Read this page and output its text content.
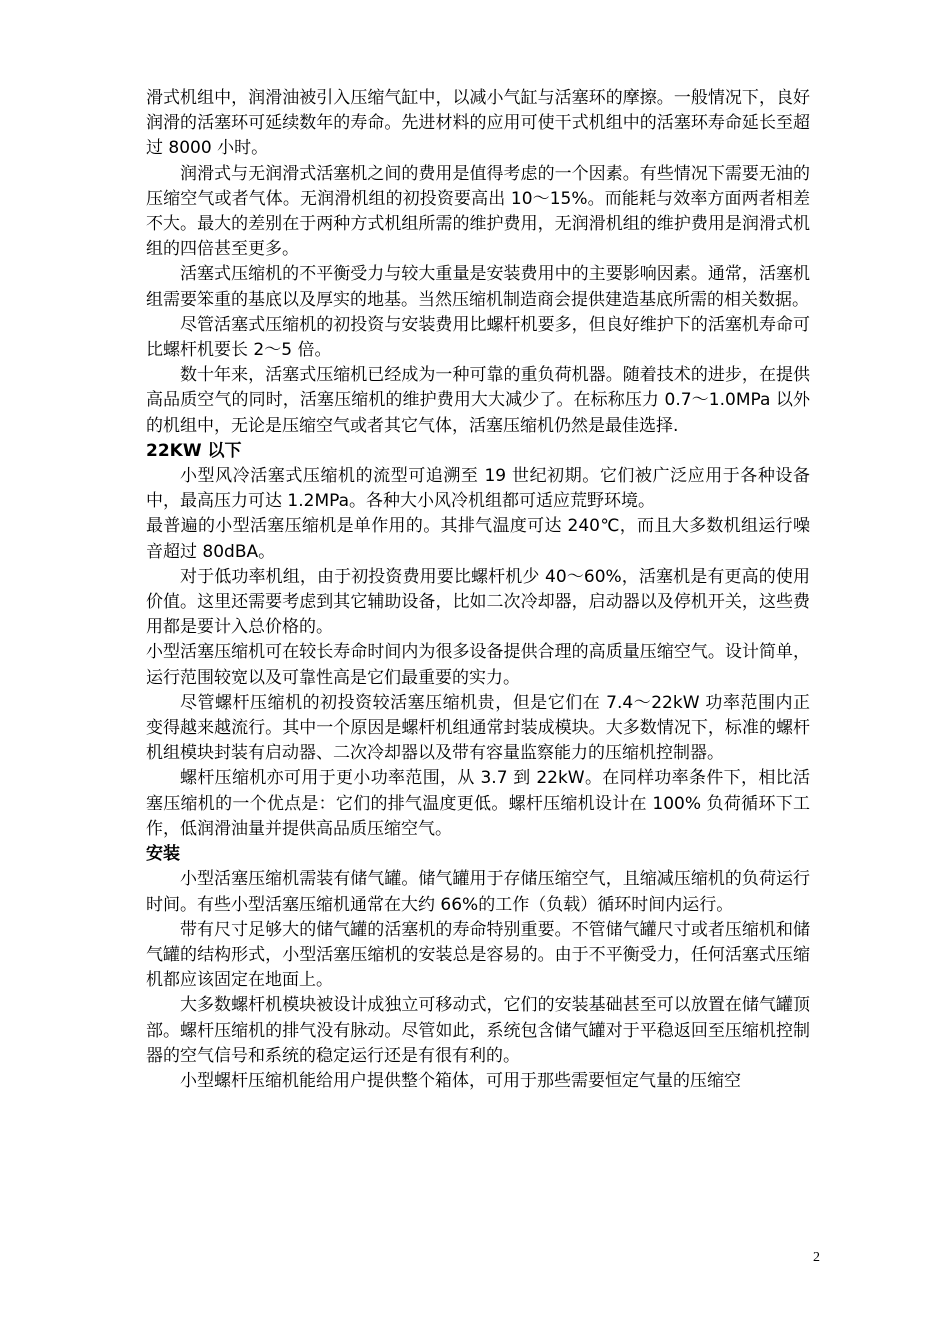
滑式机组中，润滑油被引入压缩气缸中，以减小气缸与活塞环的摩擦。一般情况下，良好润滑的活塞环可延续数年的寿命。先进材料的应用可使干式机组中的活塞环寿命延长至超过 8000 小时。

润滑式与无润滑式活塞机之间的费用是值得考虑的一个因素。有些情况下需要无油的压缩空气或者气体。无润滑机组的初投资要高出 10～15%。而能耗与效率方面两者相差不大。最大的差别在于两种方式机组所需的维护费用，无润滑机组的维护费用是润滑式机组的四倍甚至更多。

活塞式压缩机的不平衡受力与较大重量是安装费用中的主要影响因素。通常，活塞机组需要笨重的基底以及厚实的地基。当然压缩机制造商会提供建造基底所需的相关数据。

尽管活塞式压缩机的初投资与安装费用比螺杆机要多，但良好维护下的活塞机寿命可比螺杆机要长 2～5 倍。

数十年来，活塞式压缩机已经成为一种可靠的重负荷机器。随着技术的进步，在提供高品质空气的同时，活塞压缩机的维护费用大大减少了。在标称压力 0.7～1.0MPa 以外的机组中，无论是压缩空气或者其它气体，活塞压缩机仍然是最佳选择.

22KW 以下

小型风冷活塞式压缩机的流型可追溯至 19 世纪初期。它们被广泛应用于各种设备中，最高压力可达 1.2MPa。各种大小风冷机组都可适应荒野环境。

最普遍的小型活塞压缩机是单作用的。其排气温度可达 240℃，而且大多数机组运行噪音超过 80dBA。

对于低功率机组，由于初投资费用要比螺杆机少 40～60%，活塞机是有更高的使用价值。这里还需要考虑到其它辅助设备，比如二次冷却器，启动器以及停机开关，这些费用都是要计入总价格的。

小型活塞压缩机可在较长寿命时间内为很多设备提供合理的高质量压缩空气。设计简单，运行范围较宽以及可靠性高是它们最重要的实力。

尽管螺杆压缩机的初投资较活塞压缩机贵，但是它们在 7.4～22kW 功率范围内正变得越来越流行。其中一个原因是螺杆机组通常封装成模块。大多数情况下，标准的螺杆机组模块封装有启动器、二次冷却器以及带有容量监察能力的压缩机控制器。

螺杆压缩机亦可用于更小功率范围，从 3.7 到 22kW。在同样功率条件下，相比活塞压缩机的一个优点是：它们的排气温度更低。螺杆压缩机设计在 100% 负荷循环下工作，低润滑油量并提供高品质压缩空气。

安装

小型活塞压缩机需装有储气罐。储气罐用于存储压缩空气，且缩减压缩机的负荷运行时间。有些小型活塞压缩机通常在大约 66%的工作（负载）循环时间内运行。

带有尺寸足够大的储气罐的活塞机的寿命特别重要。不管储气罐尺寸或者压缩机和储气罐的结构形式，小型活塞压缩机的安装总是容易的。由于不平衡受力，任何活塞式压缩机都应该固定在地面上。

大多数螺杆机模块被设计成独立可移动式，它们的安装基础甚至可以放置在储气罐顶部。螺杆压缩机的排气没有脉动。尽管如此，系统包含储气罐对于平稳返回至压缩机控制器的空气信号和系统的稳定运行还是有很有利的。

小型螺杆压缩机能给用户提供整个箱体，可用于那些需要恒定气量的压缩空

2
